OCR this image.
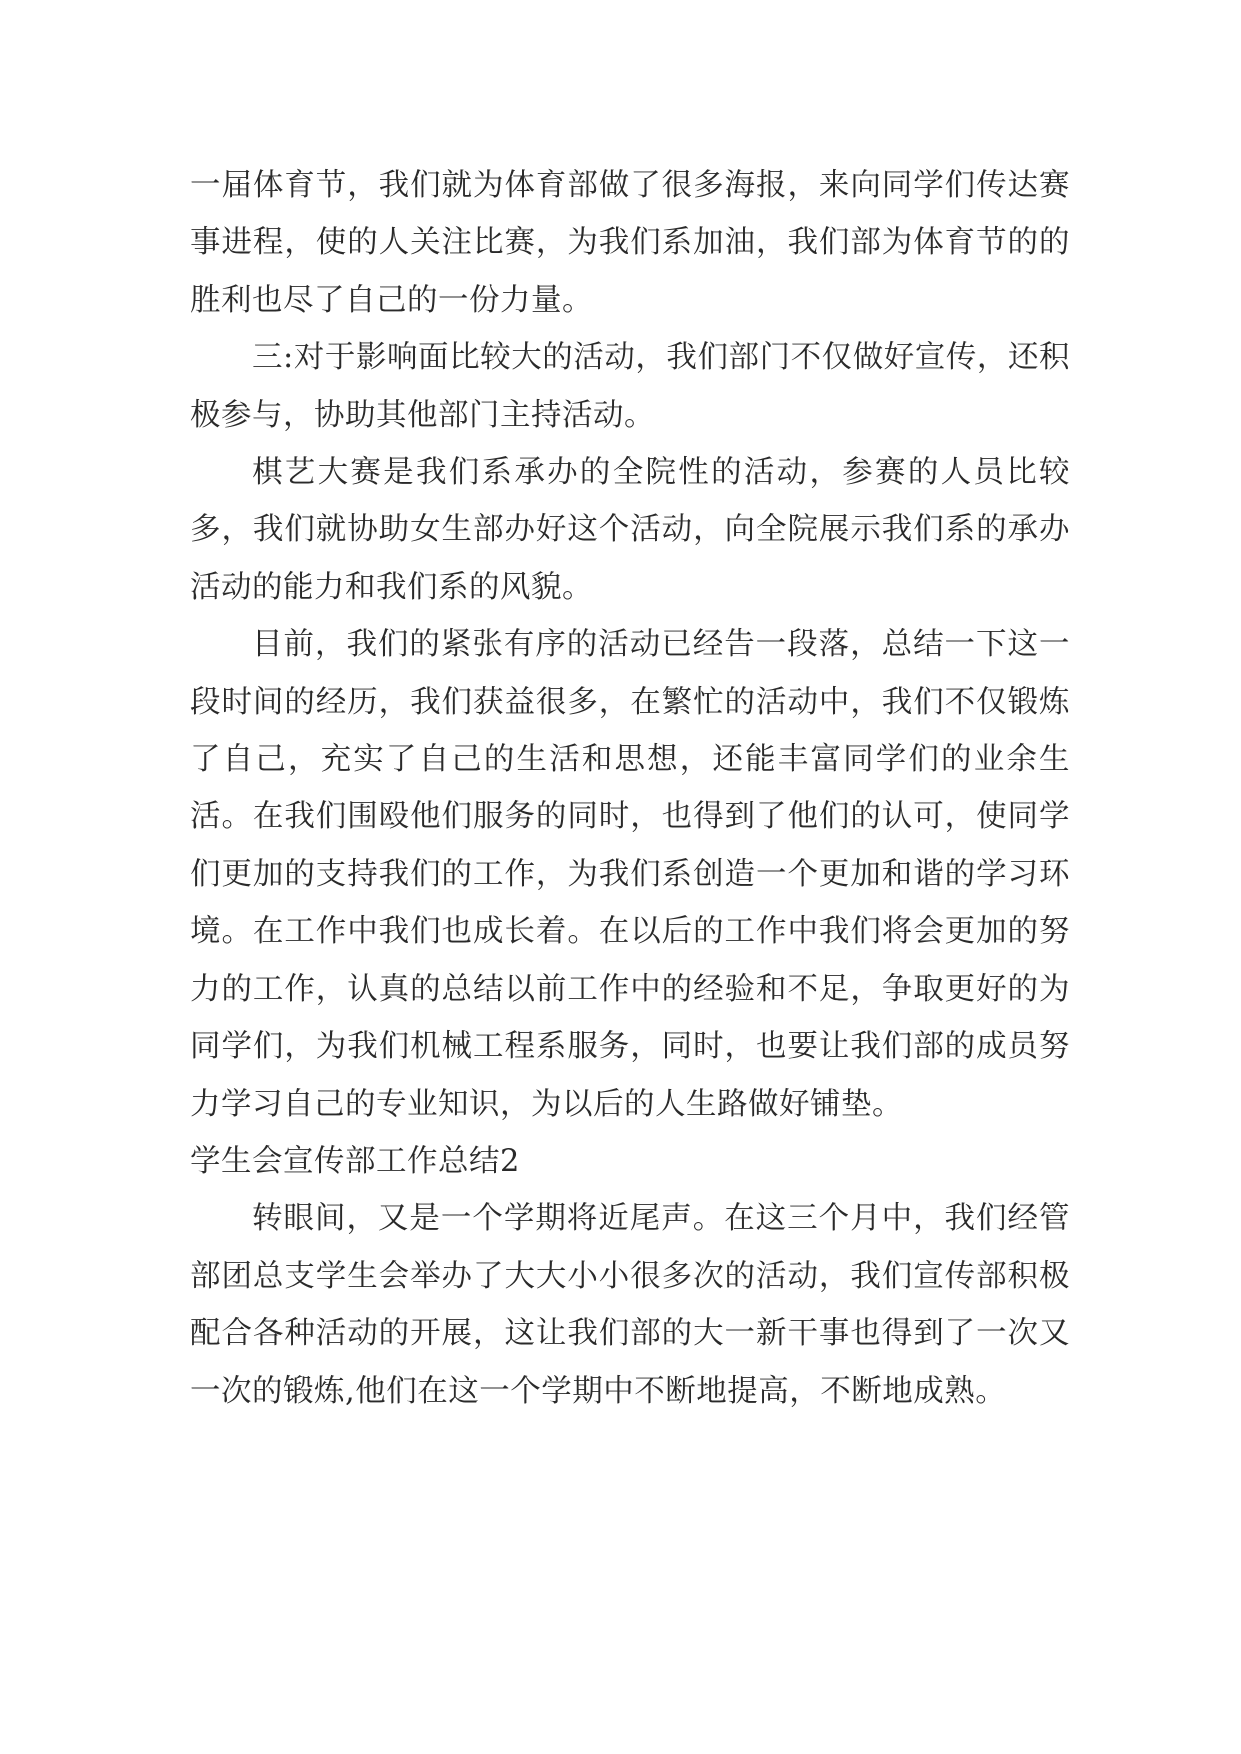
一届体育节，我们就为体育部做了很多海报，来向同学们传达赛事进程，使的人关注比赛，为我们系加油，我们部为体育节的的胜利也尽了自己的一份力量。

三:对于影响面比较大的活动，我们部门不仅做好宣传，还积极参与，协助其他部门主持活动。

棋艺大赛是我们系承办的全院性的活动，参赛的人员比较多，我们就协助女生部办好这个活动，向全院展示我们系的承办活动的能力和我们系的风貌。

目前，我们的紧张有序的活动已经告一段落，总结一下这一段时间的经历，我们获益很多，在繁忙的活动中，我们不仅锻炼了自己，充实了自己的生活和思想，还能丰富同学们的业余生活。在我们围殴他们服务的同时，也得到了他们的认可，使同学们更加的支持我们的工作，为我们系创造一个更加和谐的学习环境。在工作中我们也成长着。在以后的工作中我们将会更加的努力的工作，认真的总结以前工作中的经验和不足，争取更好的为同学们，为我们机械工程系服务，同时，也要让我们部的成员努力学习自己的专业知识，为以后的人生路做好铺垫。

学生会宣传部工作总结2

转眼间，又是一个学期将近尾声。在这三个月中，我们经管部团总支学生会举办了大大小小很多次的活动，我们宣传部积极配合各种活动的开展，这让我们部的大一新干事也得到了一次又一次的锻炼,他们在这一个学期中不断地提高，不断地成熟。
